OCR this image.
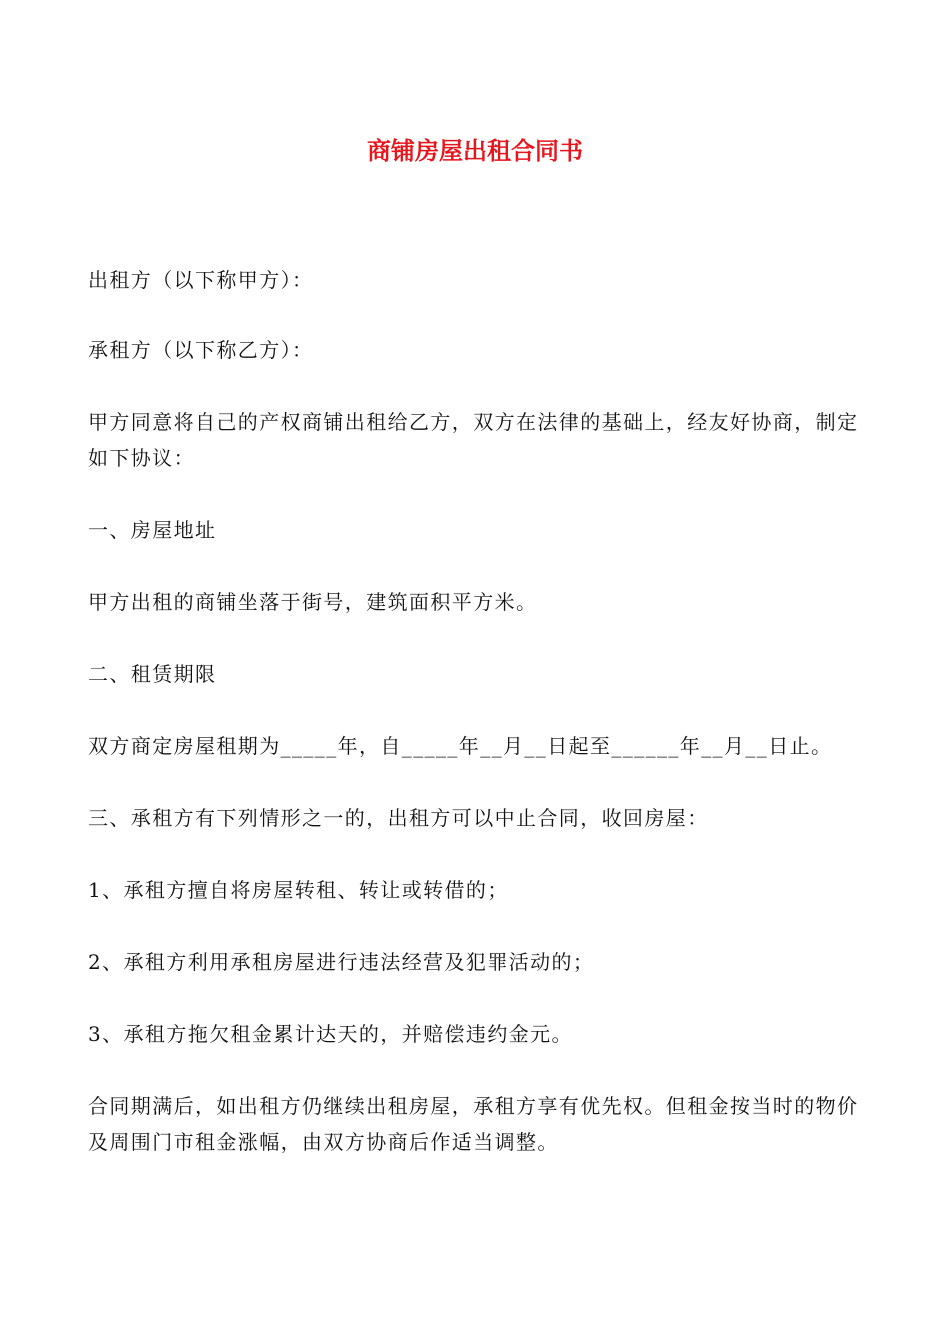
商铺房屋出租合同书

出租方（以下称甲方）：

承租方（以下称乙方）：

甲方同意将自己的产权商铺出租给乙方，双方在法律的基础上，经友好协商，制定如下协议：

一、房屋地址

甲方出租的商铺坐落于街号，建筑面积平方米。

二、租赁期限

双方商定房屋租期为_____年，自_____年__月__日起至______年__月__日止。

三、承租方有下列情形之一的，出租方可以中止合同，收回房屋：

1、承租方擅自将房屋转租、转让或转借的；

2、承租方利用承租房屋进行违法经营及犯罪活动的；

3、承租方拖欠租金累计达天的，并赔偿违约金元。

合同期满后，如出租方仍继续出租房屋，承租方享有优先权。但租金按当时的物价及周围门市租金涨幅，由双方协商后作适当调整。
